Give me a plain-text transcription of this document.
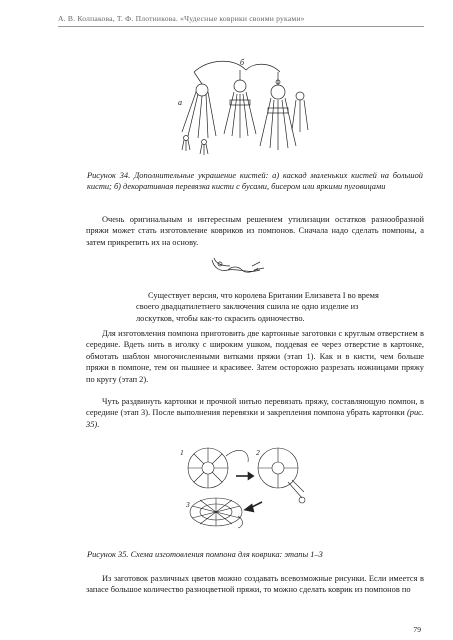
А. В. Колпакова, Т. Ф. Плотникова. «Чудесные коврики своими руками»
а
б
Рисунок 34. Дополнительные украшение кистей: а) каскад маленьких кистей на большой кисти; б) декоративная перевязка кисти с бусами, бисером или яркими пуговицами

Очень оригинальным и интересным решением утилизации остатков разнообразной пряжи может стать изготовление ковриков из помпонов. Сначала надо сделать помпоны, а затем прикрепить их на основу.

Существует версия, что королева Британии Елизавета I во время своего двадцатилетнего заключения сшила не одно изделие из лоскутков, чтобы как-то скрасить одиночество.

Для изготовления помпона приготовить две картонные заготовки с круглым отверстием в середине. Вдеть нить в иголку с широким ушком, поддевая ее через отверстие в картонке, обмотать шаблон многочисленными витками пряжи (этап 1). Как и в кисти, чем больше пряжи в помпоне, тем он пышнее и красивее. Затем осторожно разрезать ножницами пряжу по кругу (этап 2).

Чуть раздвинуть картонки и прочной нитью перевязать пряжу, составляющую помпон, в середине (этап 3). После выполнения перевязки и закрепления помпона убрать картонки (рис. 35).

1	2
3
Рисунок 35. Схема изготовления помпона для коврика: этапы 1–3

Из заготовок различных цветов можно создавать всевозможные рисунки. Если имеется в запасе большое количество разноцветной пряжи, то можно сделать коврик из помпонов по

79
